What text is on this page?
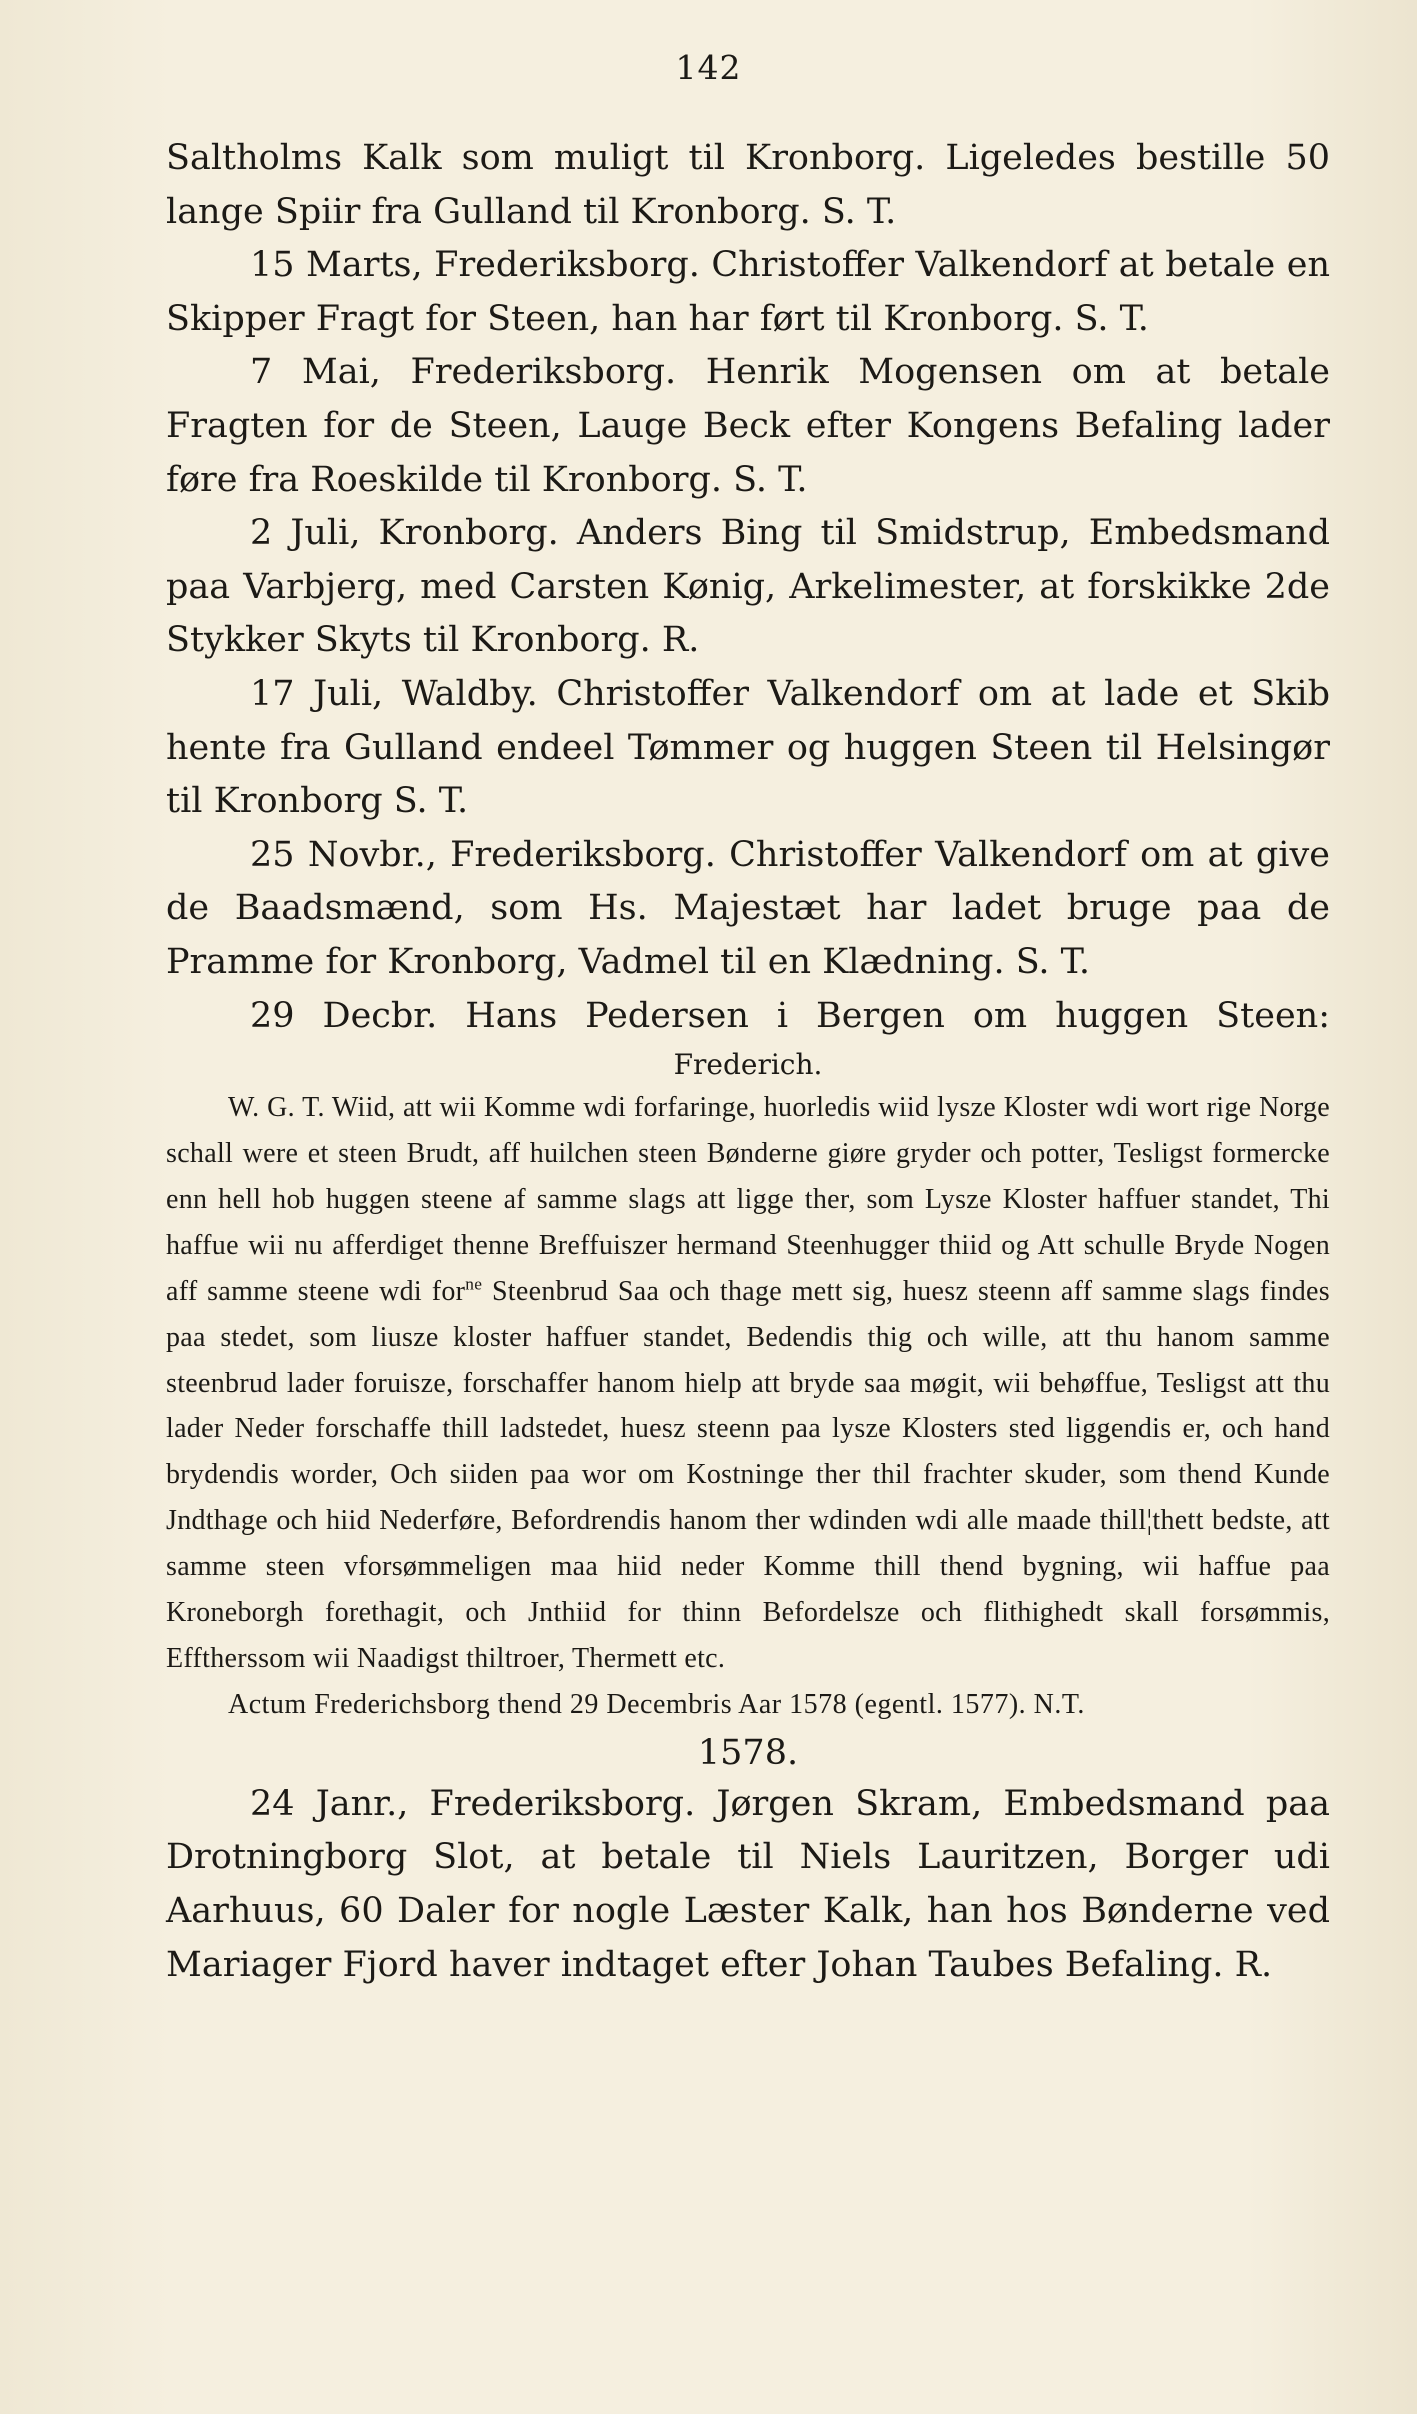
142

Saltholms Kalk som muligt til Kronborg. Ligeledes bestille 50 lange Spiir fra Gulland til Kronborg. S. T.

15 Marts, Frederiksborg. Christoffer Valkendorf at betale en Skipper Fragt for Steen, han har ført til Kronborg. S. T.

7 Mai, Frederiksborg. Henrik Mogensen om at betale Fragten for de Steen, Lauge Beck efter Kongens Befaling lader føre fra Roeskilde til Kronborg. S. T.

2 Juli, Kronborg. Anders Bing til Smidstrup, Embedsmand paa Varbjerg, med Carsten Kønig, Arkelimester, at forskikke 2de Stykker Skyts til Kronborg. R.

17 Juli, Waldby. Christoffer Valkendorf om at lade et Skib hente fra Gulland endeel Tømmer og huggen Steen til Helsingør til Kronborg S. T.

25 Novbr., Frederiksborg. Christoffer Valkendorf om at give de Baadsmænd, som Hs. Majestæt har ladet bruge paa de Pramme for Kronborg, Vadmel til en Klædning. S. T.

29 Decbr. Hans Pedersen i Bergen om huggen Steen:

Frederich.

W. G. T. Wiid, att wii Komme wdi forfaringe, huorledis wiid lysze Kloster wdi wort rige Norge schall were et steen Brudt, aff huilchen steen Bønderne giøre gryder och potter, Tesligst formercke enn hell hob huggen steene af samme slags att ligge ther, som Lysze Kloster haffuer standet, Thi haffue wii nu afferdiget thenne Breffuiszer hermand Steenhugger thiid og Att schulle Bryde Nogen aff samme steene wdi for$^{ne}$ Steenbrud Saa och thage mett sig, huesz steenn aff samme slags findes paa stedet, som liusze kloster haffuer standet, Bedendis thig och wille, att thu hanom samme steenbrud lader foruisze, forschaffer hanom hielp att bryde saa møgit, wii behøffue, Tesligst att thu lader Neder forschaffe thill ladstedet, huesz steenn paa lysze Klosters sted liggendis er, och hand brydendis worder, Och siiden paa wor om Kostninge ther thil frachter skuder, som thend Kunde Jndthage och hiid Nederføre, Befordrendis hanom ther wdinden wdi alle maade thill¦thett bedste, att samme steen vforsømmeligen maa hiid neder Komme thill thend bygning, wii haffue paa Kroneborgh forethagit, och Jnthiid for thinn Befordelsze och flithighedt skall forsømmis, Efftherssom wii Naadigst thiltroer, Thermett etc.

Actum Frederichsborg thend 29 Decembris Aar 1578 (egentl. 1577). N.T.

1578.

24 Janr., Frederiksborg. Jørgen Skram, Embedsmand paa Drotningborg Slot, at betale til Niels Lauritzen, Borger udi Aarhuus, 60 Daler for nogle Læster Kalk, han hos Bønderne ved Mariager Fjord haver indtaget efter Johan Taubes Befaling. R.
